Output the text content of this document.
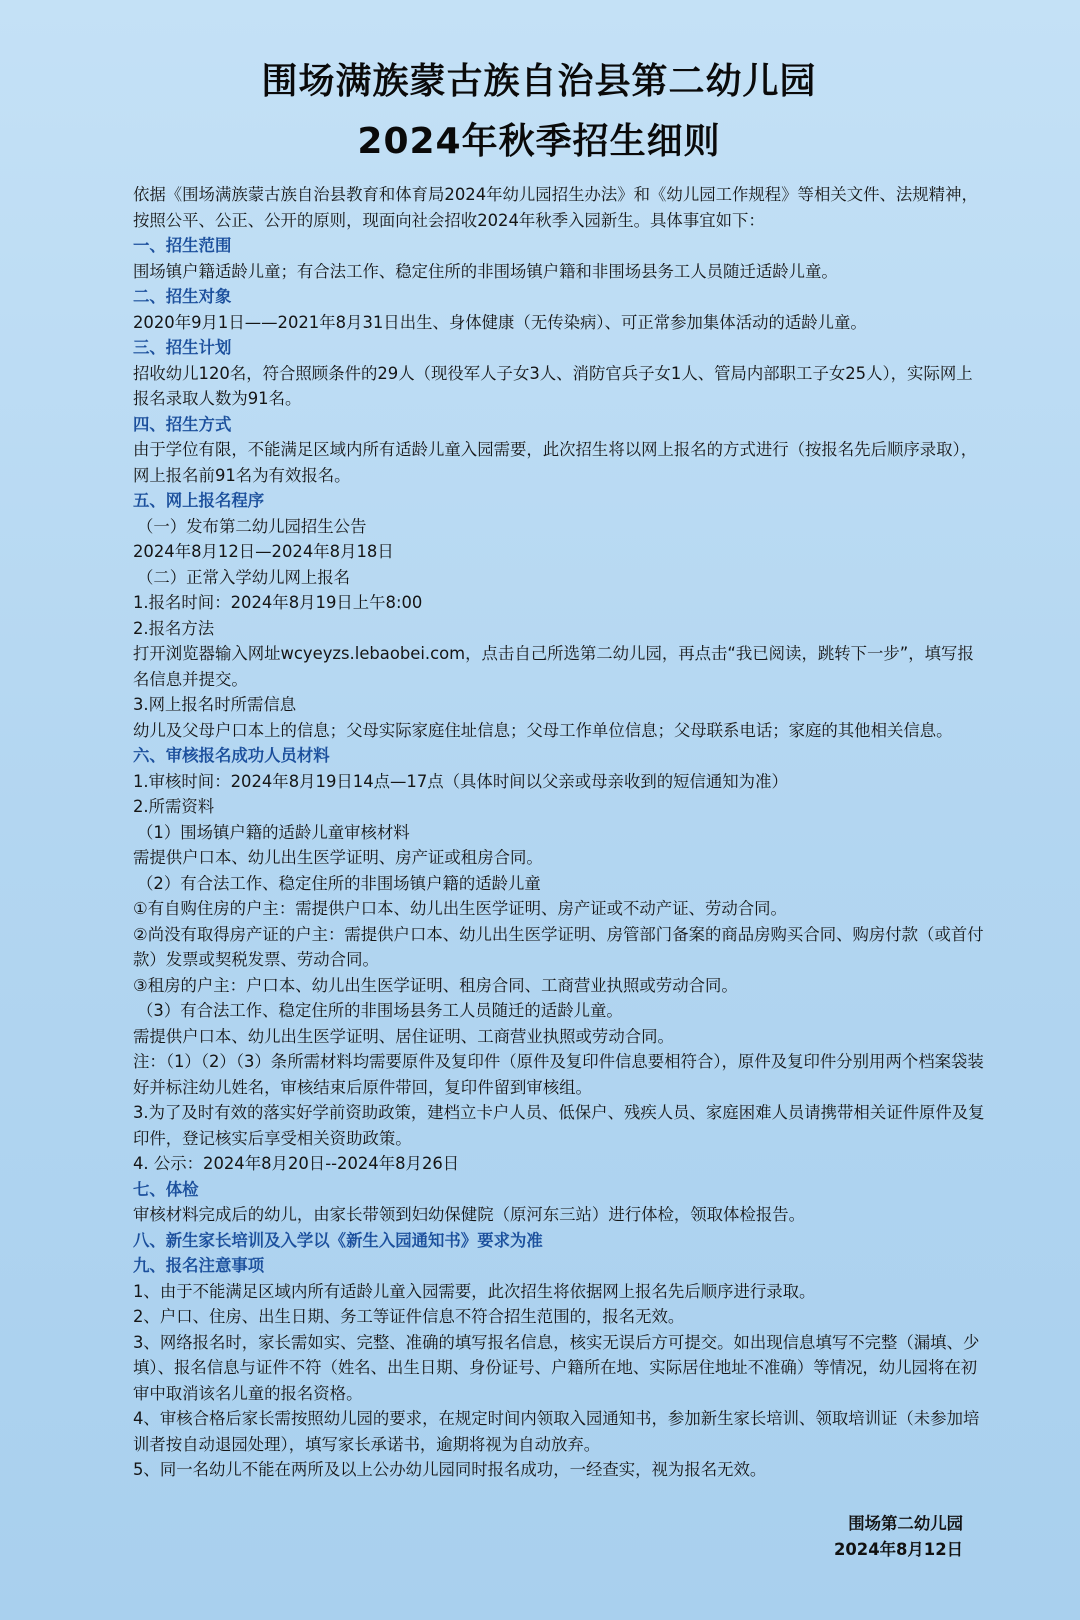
围场满族蒙古族自治县第二幼儿园
2024年秋季招生细则

依据《围场满族蒙古族自治县教育和体育局2024年幼儿园招生办法》和《幼儿园工作规程》等相关文件、法规精神，按照公平、公正、公开的原则，现面向社会招收2024年秋季入园新生。具体事宜如下：

一、招生范围

围场镇户籍适龄儿童；有合法工作、稳定住所的非围场镇户籍和非围场县务工人员随迁适龄儿童。

二、招生对象

2020年9月1日——2021年8月31日出生、身体健康（无传染病）、可正常参加集体活动的适龄儿童。

三、招生计划

招收幼儿120名，符合照顾条件的29人（现役军人子女3人、消防官兵子女1人、管局内部职工子女25人），实际网上报名录取人数为91名。

四、招生方式

由于学位有限，不能满足区域内所有适龄儿童入园需要，此次招生将以网上报名的方式进行（按报名先后顺序录取），网上报名前91名为有效报名。

五、网上报名程序

（一）发布第二幼儿园招生公告

2024年8月12日—2024年8月18日

（二）正常入学幼儿网上报名

1.报名时间：2024年8月19日上午8:00

2.报名方法

打开浏览器输入网址wcyeyzs.lebaobei.com，点击自己所选第二幼儿园，再点击“我已阅读，跳转下一步”，填写报名信息并提交。

3.网上报名时所需信息

幼儿及父母户口本上的信息；父母实际家庭住址信息；父母工作单位信息；父母联系电话；家庭的其他相关信息。

六、审核报名成功人员材料

1.审核时间：2024年8月19日14点—17点（具体时间以父亲或母亲收到的短信通知为准）

2.所需资料

（1）围场镇户籍的适龄儿童审核材料

需提供户口本、幼儿出生医学证明、房产证或租房合同。

（2）有合法工作、稳定住所的非围场镇户籍的适龄儿童

①有自购住房的户主：需提供户口本、幼儿出生医学证明、房产证或不动产证、劳动合同。

②尚没有取得房产证的户主：需提供户口本、幼儿出生医学证明、房管部门备案的商品房购买合同、购房付款（或首付款）发票或契税发票、劳动合同。

③租房的户主：户口本、幼儿出生医学证明、租房合同、工商营业执照或劳动合同。

（3）有合法工作、稳定住所的非围场县务工人员随迁的适龄儿童。

需提供户口本、幼儿出生医学证明、居住证明、工商营业执照或劳动合同。

注：（1）（2）（3）条所需材料均需要原件及复印件（原件及复印件信息要相符合），原件及复印件分别用两个档案袋装好并标注幼儿姓名，审核结束后原件带回，复印件留到审核组。

3.为了及时有效的落实好学前资助政策，建档立卡户人员、低保户、残疾人员、家庭困难人员请携带相关证件原件及复印件，登记核实后享受相关资助政策。

4. 公示：2024年8月20日--2024年8月26日

七、体检

审核材料完成后的幼儿，由家长带领到妇幼保健院（原河东三站）进行体检，领取体检报告。

八、新生家长培训及入学以《新生入园通知书》要求为准

九、报名注意事项

1、由于不能满足区域内所有适龄儿童入园需要，此次招生将依据网上报名先后顺序进行录取。

2、户口、住房、出生日期、务工等证件信息不符合招生范围的，报名无效。

3、网络报名时，家长需如实、完整、准确的填写报名信息，核实无误后方可提交。如出现信息填写不完整（漏填、少填）、报名信息与证件不符（姓名、出生日期、身份证号、户籍所在地、实际居住地址不准确）等情况，幼儿园将在初审中取消该名儿童的报名资格。

4、审核合格后家长需按照幼儿园的要求，在规定时间内领取入园通知书，参加新生家长培训、领取培训证（未参加培训者按自动退园处理），填写家长承诺书，逾期将视为自动放弃。

5、同一名幼儿不能在两所及以上公办幼儿园同时报名成功，一经查实，视为报名无效。

围场第二幼儿园
2024年8月12日
